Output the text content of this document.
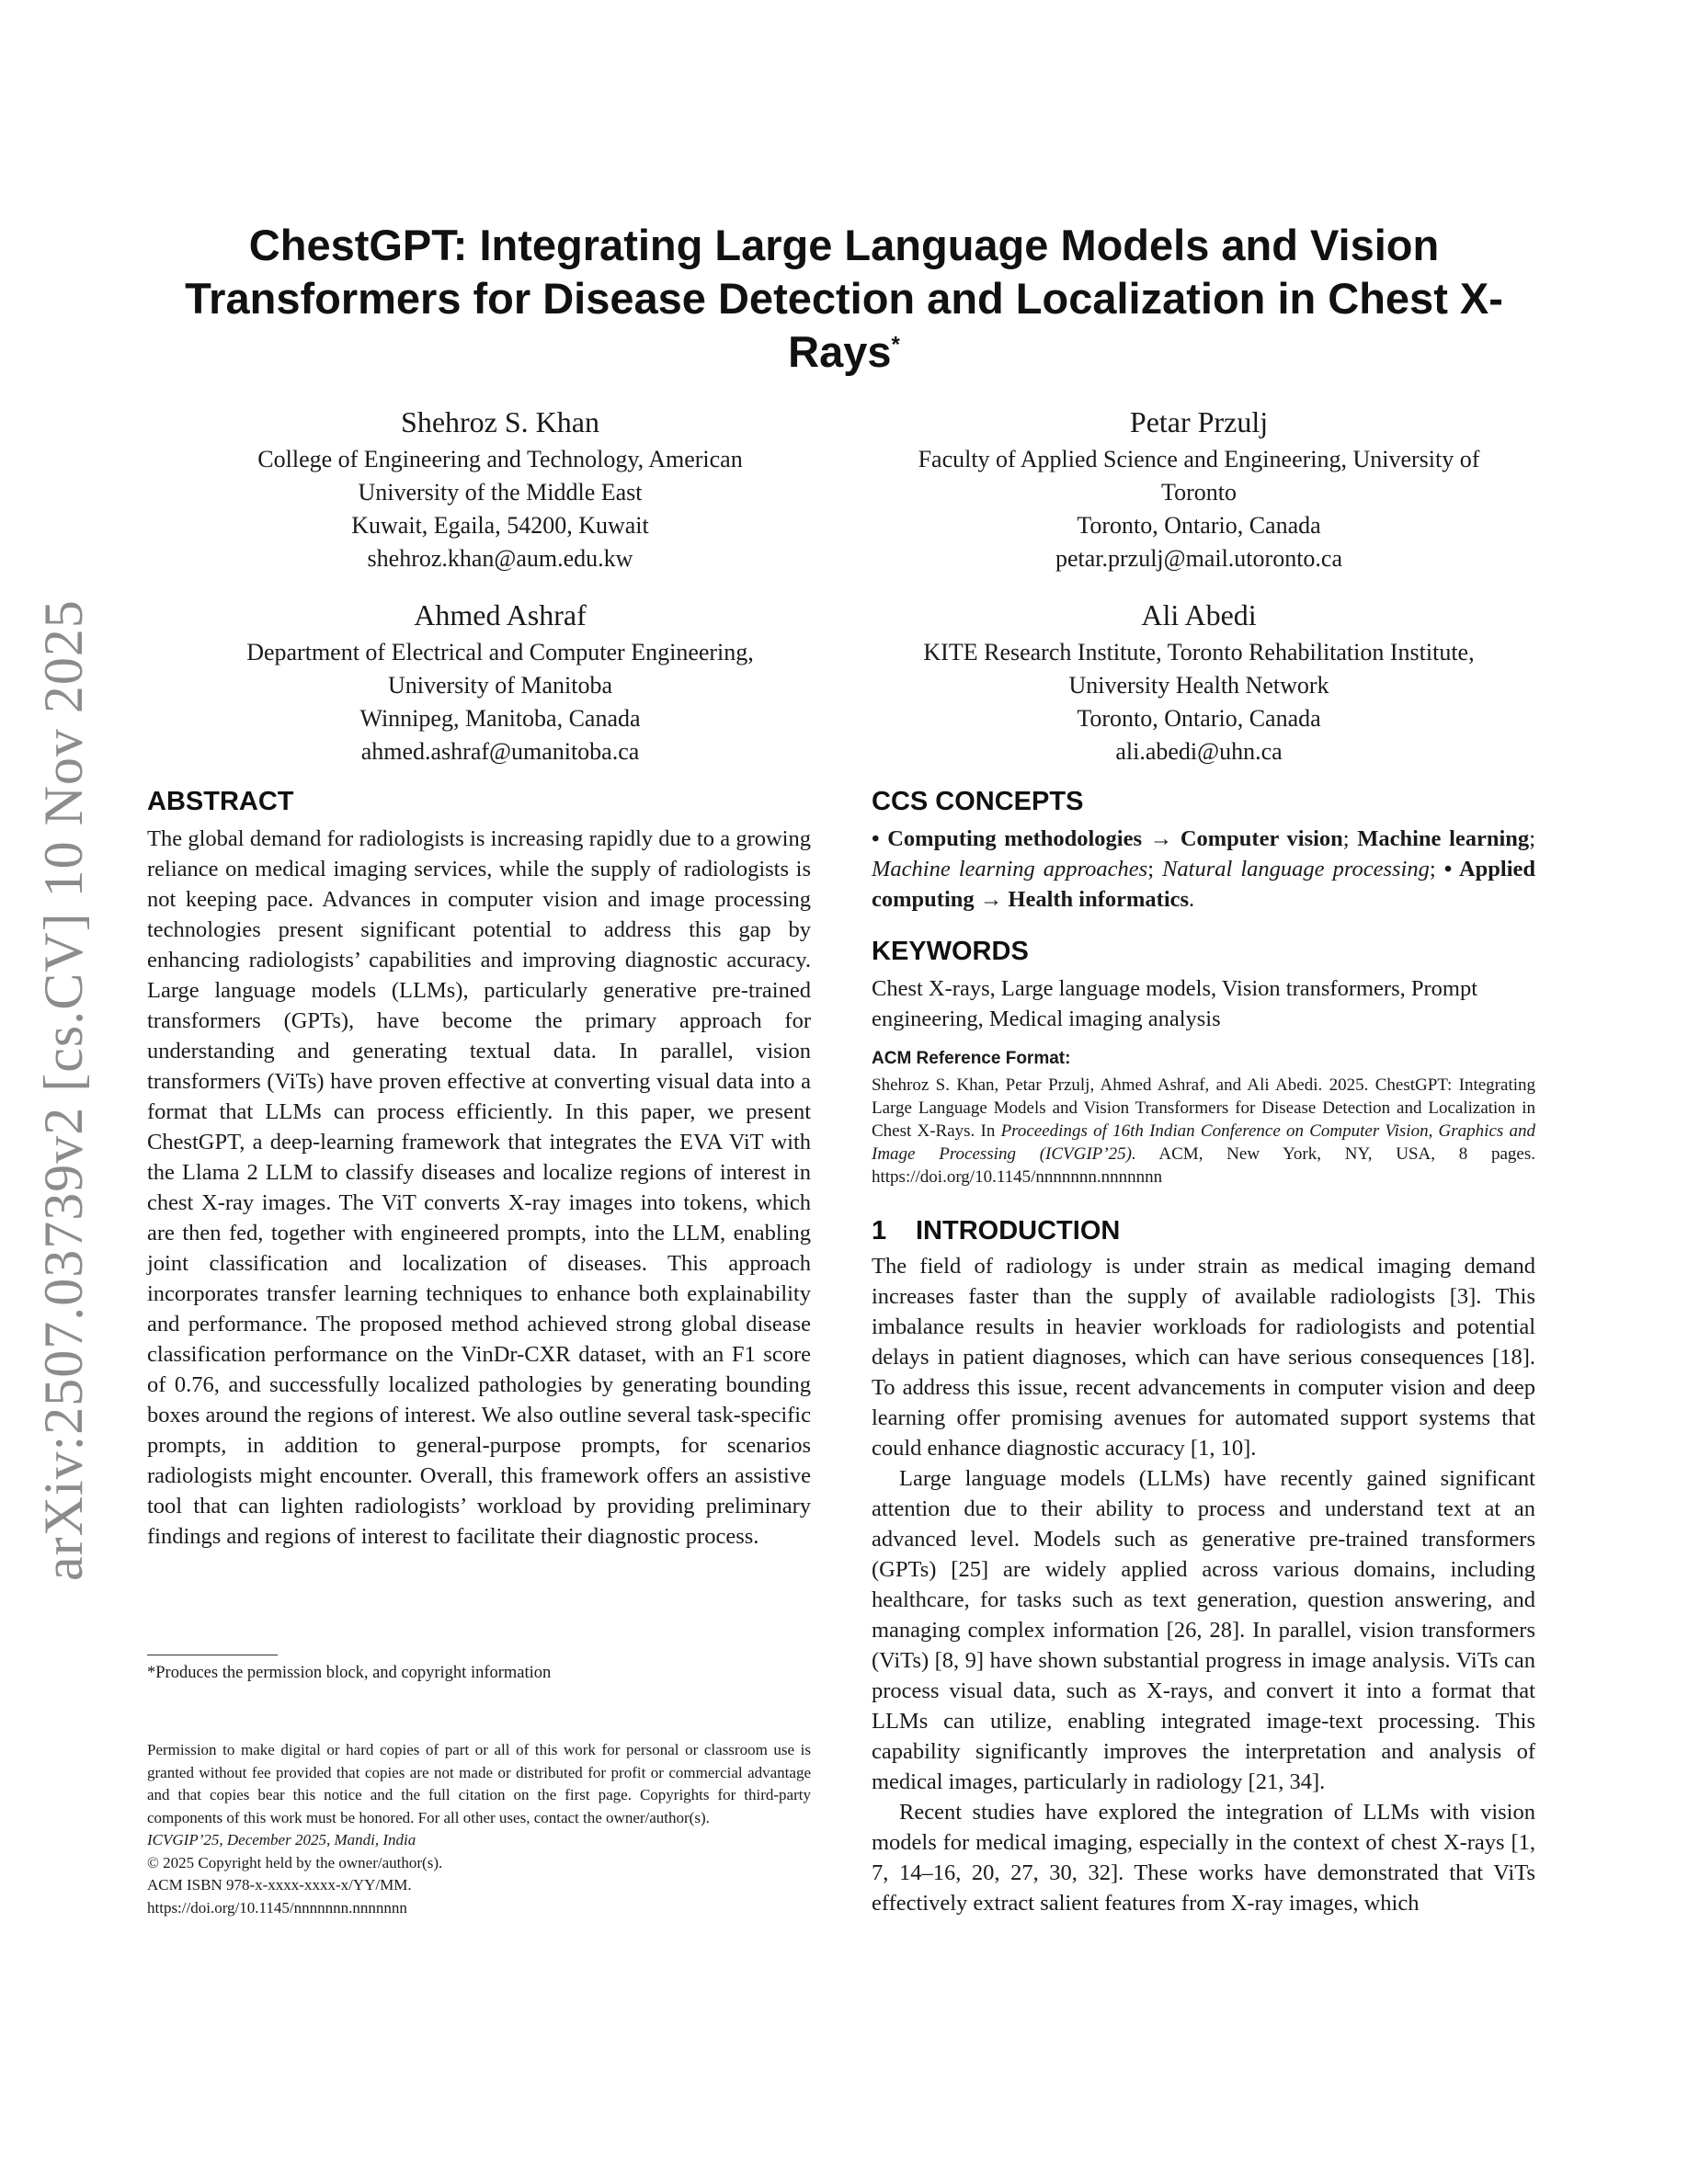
arXiv:2507.03739v2 [cs.CV] 10 Nov 2025
ChestGPT: Integrating Large Language Models and Vision Transformers for Disease Detection and Localization in Chest X-Rays*
Shehroz S. Khan
College of Engineering and Technology, American
University of the Middle East
Kuwait, Egaila, 54200, Kuwait
shehroz.khan@aum.edu.kw
Petar Przulj
Faculty of Applied Science and Engineering, University of
Toronto
Toronto, Ontario, Canada
petar.przulj@mail.utoronto.ca
Ahmed Ashraf
Department of Electrical and Computer Engineering,
University of Manitoba
Winnipeg, Manitoba, Canada
ahmed.ashraf@umanitoba.ca
Ali Abedi
KITE Research Institute, Toronto Rehabilitation Institute,
University Health Network
Toronto, Ontario, Canada
ali.abedi@uhn.ca
ABSTRACT

The global demand for radiologists is increasing rapidly due to a growing reliance on medical imaging services, while the supply of radiologists is not keeping pace. Advances in computer vision and image processing technologies present significant potential to address this gap by enhancing radiologists’ capabilities and improving diagnostic accuracy. Large language models (LLMs), particularly generative pre-trained transformers (GPTs), have become the primary approach for understanding and generating textual data. In parallel, vision transformers (ViTs) have proven effective at converting visual data into a format that LLMs can process efficiently. In this paper, we present ChestGPT, a deep-learning framework that integrates the EVA ViT with the Llama 2 LLM to classify diseases and localize regions of interest in chest X-ray images. The ViT converts X-ray images into tokens, which are then fed, together with engineered prompts, into the LLM, enabling joint classification and localization of diseases. This approach incorporates transfer learning techniques to enhance both explainability and performance. The proposed method achieved strong global disease classification performance on the VinDr-CXR dataset, with an F1 score of 0.76, and successfully localized pathologies by generating bounding boxes around the regions of interest. We also outline several task-specific prompts, in addition to general-purpose prompts, for scenarios radiologists might encounter. Overall, this framework offers an assistive tool that can lighten radiologists’ workload by providing preliminary findings and regions of interest to facilitate their diagnostic process.

*Produces the permission block, and copyright information
Permission to make digital or hard copies of part or all of this work for personal or classroom use is granted without fee provided that copies are not made or distributed for profit or commercial advantage and that copies bear this notice and the full citation on the first page. Copyrights for third-party components of this work must be honored. For all other uses, contact the owner/author(s).
ICVGIP’25, December 2025, Mandi, India
© 2025 Copyright held by the owner/author(s).
ACM ISBN 978-x-xxxx-xxxx-x/YY/MM.
https://doi.org/10.1145/nnnnnnn.nnnnnnn
CCS CONCEPTS

• Computing methodologies → Computer vision; Machine learning; Machine learning approaches; Natural language processing; • Applied computing → Health informatics.

KEYWORDS

Chest X-rays, Large language models, Vision transformers, Prompt engineering, Medical imaging analysis

ACM Reference Format:

Shehroz S. Khan, Petar Przulj, Ahmed Ashraf, and Ali Abedi. 2025. ChestGPT: Integrating Large Language Models and Vision Transformers for Disease Detection and Localization in Chest X-Rays. In Proceedings of 16th Indian Conference on Computer Vision, Graphics and Image Processing (ICVGIP’25). ACM, New York, NY, USA, 8 pages. https://doi.org/10.1145/nnnnnnn.nnnnnnn

1 INTRODUCTION

The field of radiology is under strain as medical imaging demand increases faster than the supply of available radiologists [3]. This imbalance results in heavier workloads for radiologists and potential delays in patient diagnoses, which can have serious consequences [18]. To address this issue, recent advancements in computer vision and deep learning offer promising avenues for automated support systems that could enhance diagnostic accuracy [1, 10].

Large language models (LLMs) have recently gained significant attention due to their ability to process and understand text at an advanced level. Models such as generative pre-trained transformers (GPTs) [25] are widely applied across various domains, including healthcare, for tasks such as text generation, question answering, and managing complex information [26, 28]. In parallel, vision transformers (ViTs) [8, 9] have shown substantial progress in image analysis. ViTs can process visual data, such as X-rays, and convert it into a format that LLMs can utilize, enabling integrated image-text processing. This capability significantly improves the interpretation and analysis of medical images, particularly in radiology [21, 34].

Recent studies have explored the integration of LLMs with vision models for medical imaging, especially in the context of chest X-rays [1, 7, 14–16, 20, 27, 30, 32]. These works have demonstrated that ViTs effectively extract salient features from X-ray images, which
